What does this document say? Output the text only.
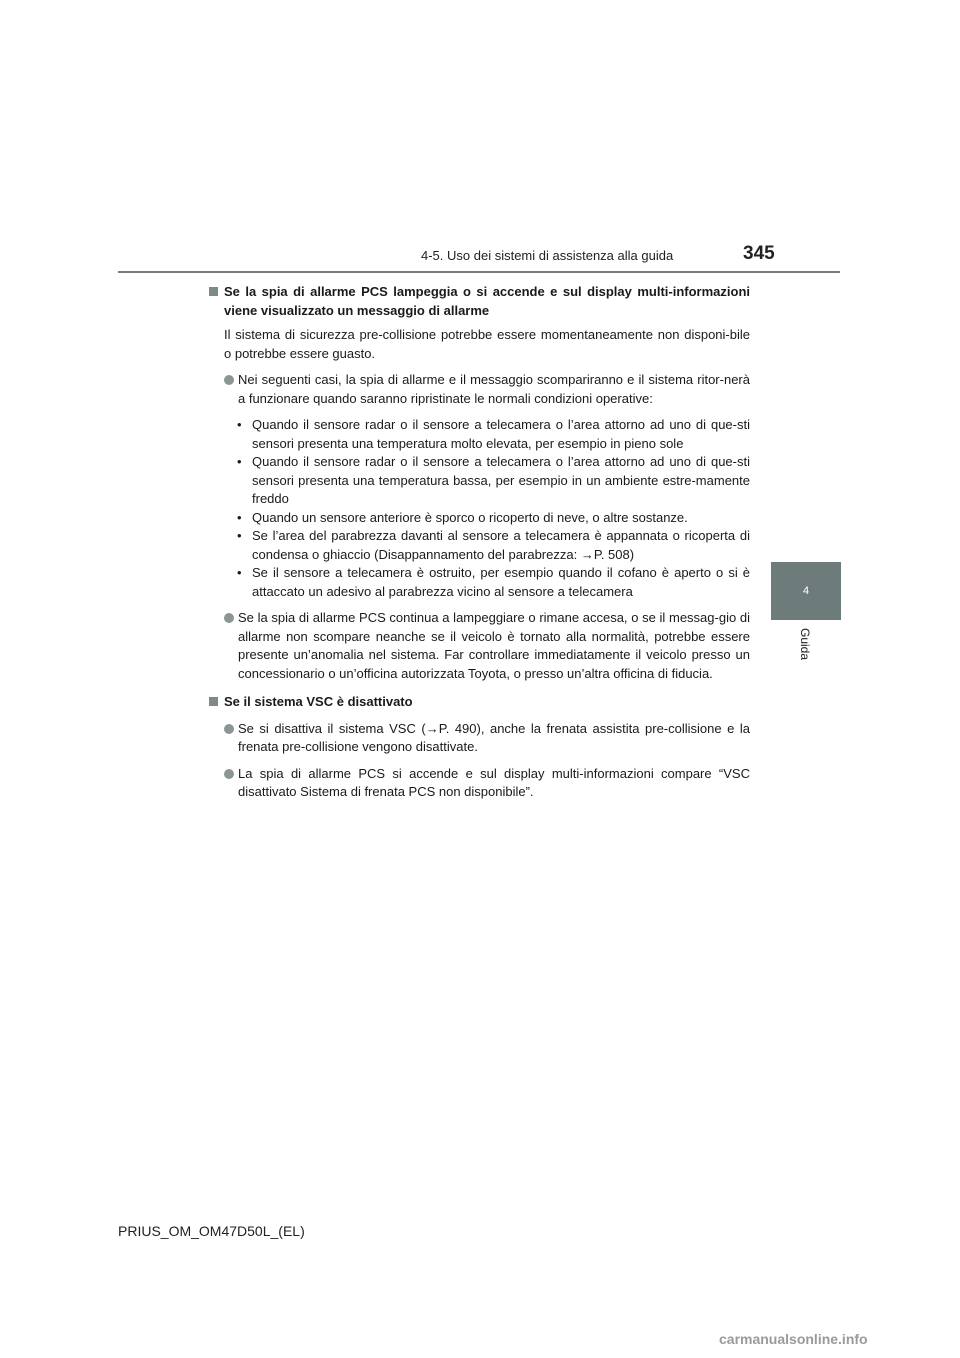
4-5. Uso dei sistemi di assistenza alla guida	345
4
Guida
Se la spia di allarme PCS lampeggia o si accende e sul display multi-informazioni viene visualizzato un messaggio di allarme
Il sistema di sicurezza pre-collisione potrebbe essere momentaneamente non disponi-bile o potrebbe essere guasto.
Nei seguenti casi, la spia di allarme e il messaggio scompariranno e il sistema ritor-nerà a funzionare quando saranno ripristinate le normali condizioni operative:
• Quando il sensore radar o il sensore a telecamera o l’area attorno ad uno di que-sti sensori presenta una temperatura molto elevata, per esempio in pieno sole
• Quando il sensore radar o il sensore a telecamera o l’area attorno ad uno di que-sti sensori presenta una temperatura bassa, per esempio in un ambiente estre-mamente freddo
• Quando un sensore anteriore è sporco o ricoperto di neve, o altre sostanze.
• Se l’area del parabrezza davanti al sensore a telecamera è appannata o ricoperta di condensa o ghiaccio (Disappannamento del parabrezza: →P. 508)
• Se il sensore a telecamera è ostruito, per esempio quando il cofano è aperto o si è attaccato un adesivo al parabrezza vicino al sensore a telecamera
Se la spia di allarme PCS continua a lampeggiare o rimane accesa, o se il messag-gio di allarme non scompare neanche se il veicolo è tornato alla normalità, potrebbe essere presente un’anomalia nel sistema. Far controllare immediatamente il veicolo presso un concessionario o un’officina autorizzata Toyota, o presso un’altra officina di fiducia.
Se il sistema VSC è disattivato
Se si disattiva il sistema VSC (→P. 490), anche la frenata assistita pre-collisione e la frenata pre-collisione vengono disattivate.
La spia di allarme PCS si accende e sul display multi-informazioni compare “VSC disattivato Sistema di frenata PCS non disponibile”.
PRIUS_OM_OM47D50L_(EL)
carmanualsonline.info
